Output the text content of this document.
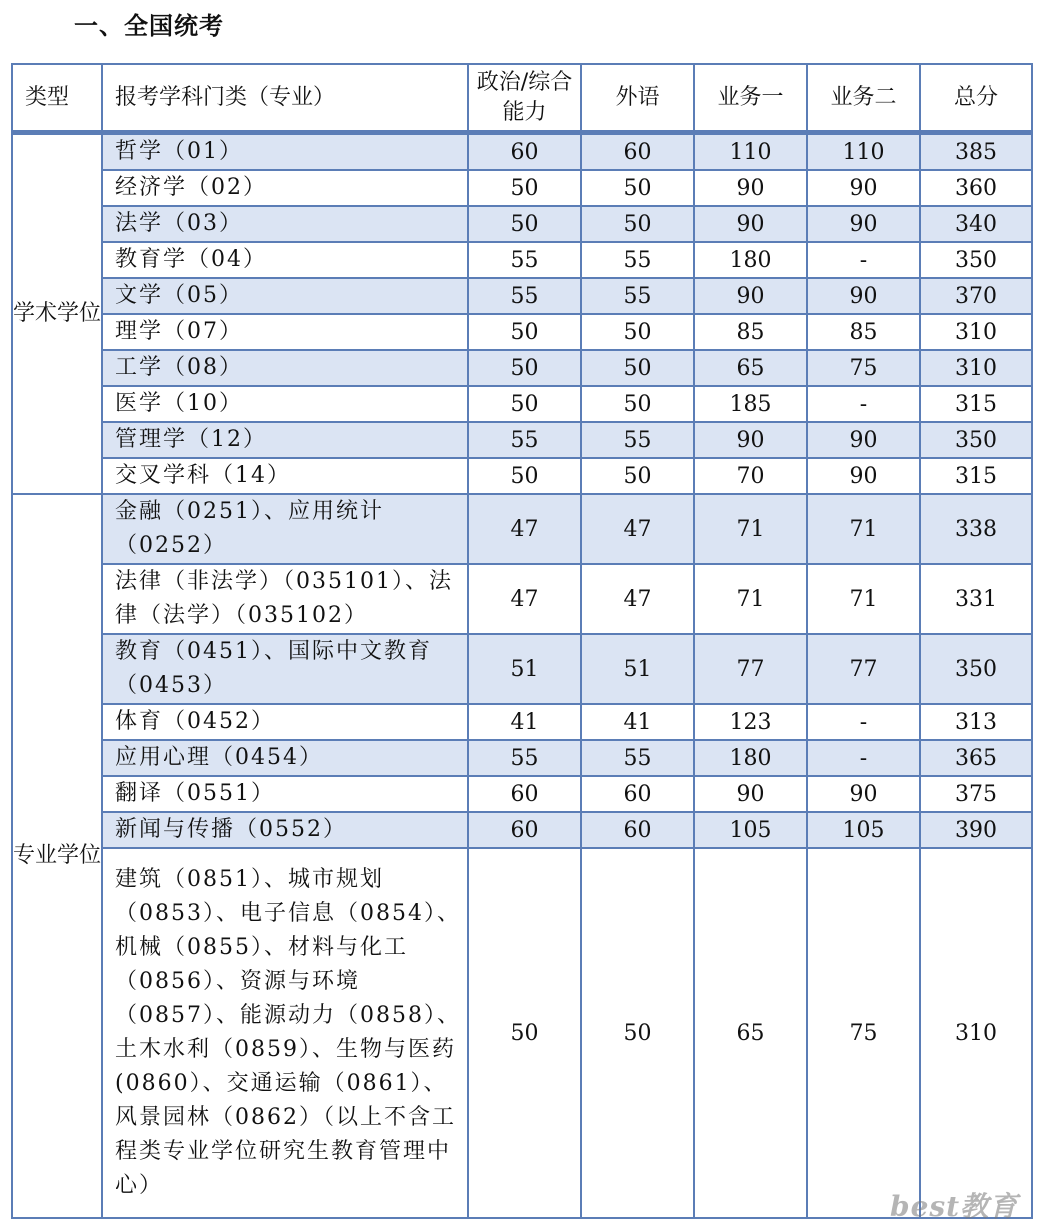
一、全国统考
类型	报考学科门类（专业）	政治/综合能力	外语	业务一	业务二	总分

学术学位	哲学（01）	60	60	110	110	385
	经济学（02）	50	50	90	90	360
	法学（03）	50	50	90	90	340
	教育学（04）	55	55	180	-	350
	文学（05）	55	55	90	90	370
	理学（07）	50	50	85	85	310
	工学（08）	50	50	65	75	310
	医学（10）	50	50	185	-	315
	管理学（12）	55	55	90	90	350
	交叉学科（14）	50	50	70	90	315

专业学位	金融（0251）、应用统计（0252）	47	47	71	71	338
	法律（非法学）（035101）、法律（法学）（035102）	47	47	71	71	331
	教育（0451）、国际中文教育（0453）	51	51	77	77	350
	体育（0452）	41	41	123	-	313
	应用心理（0454）	55	55	180	-	365
	翻译（0551）	60	60	90	90	375
	新闻与传播（0552）	60	60	105	105	390
	建筑（0851）、城市规划（0853）、电子信息（0854）、机械（0855）、材料与化工（0856）、资源与环境（0857）、能源动力（0858）、土木水利（0859）、生物与医药(0860）、交通运输（0861）、风景园林（0862）（以上不含工程类专业学位研究生教育管理中心）	50	50	65	75	310
best教育
